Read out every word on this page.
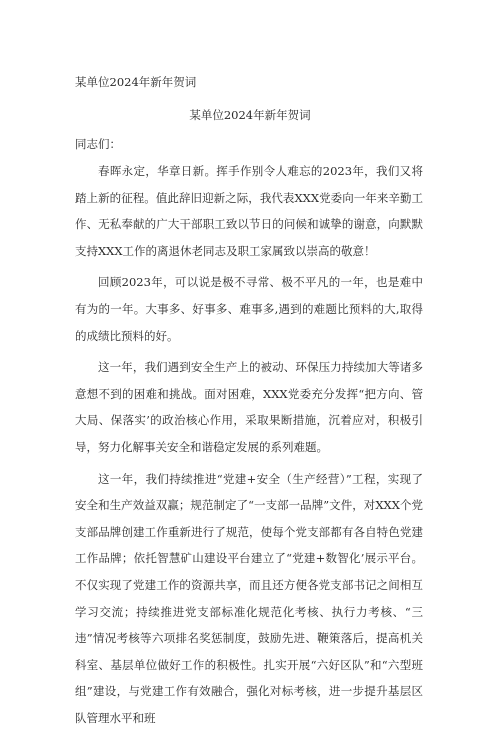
某单位2024年新年贺词
某单位2024年新年贺词

同志们：

春晖永定，华章日新。挥手作别令人难忘的2023年，我们又将踏上新的征程。值此辞旧迎新之际，我代表XXX党委向一年来辛勤工作、无私奉献的广大干部职工致以节日的问候和诚挚的谢意，向默默支持XXX工作的离退休老同志及职工家属致以崇高的敬意！

回顾2023年，可以说是极不寻常、极不平凡的一年，也是难中有为的一年。大事多、好事多、难事多,遇到的难题比预料的大,取得的成绩比预料的好。

这一年，我们遇到安全生产上的被动、环保压力持续加大等诸多意想不到的困难和挑战。面对困难，XXX党委充分发挥“把方向、管大局、保落实’的政治核心作用，采取果断措施，沉着应对，积极引导，努力化解事关安全和谐稳定发展的系列难题。

这一年，我们持续推进“党建+安全（生产经营）”工程，实现了安全和生产效益双赢；规范制定了“一支部一品牌”文件，对XXX个党支部品牌创建工作重新进行了规范，使每个党支部都有各自特色党建工作品牌；依托智慧矿山建设平台建立了“党建+数智化’展示平台。不仅实现了党建工作的资源共享，而且还方便各党支部书记之间相互学习交流；持续推进党支部标准化规范化考核、执行力考核、“三违”情况考核等六项排名奖惩制度，鼓励先进、鞭策落后，提高机关科室、基层单位做好工作的积极性。扎实开展“六好区队”和“六型班组”建设，与党建工作有效融合，强化对标考核，进一步提升基层区队管理水平和班
